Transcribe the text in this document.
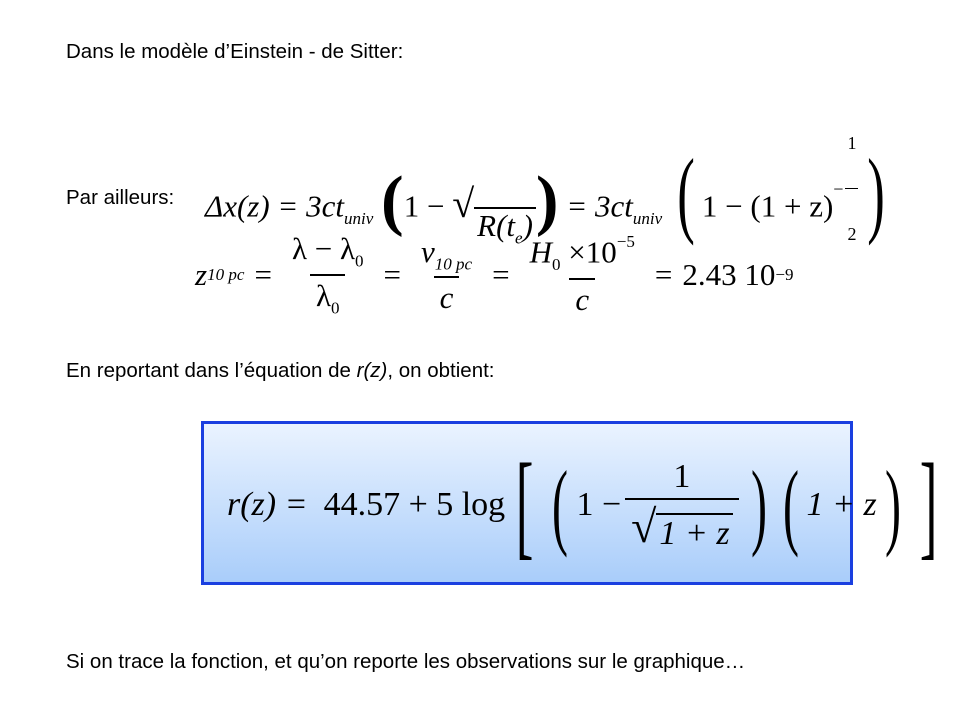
Dans le modèle d’Einstein - de Sitter:
$\Delta x(z) = 3ct_{univ}$ (1 − √
$R(t_e)$ ) = $3ct_{univ}$ ( $1 - (1 + z) - \frac{1}{2}$ )
Par ailleurs:
z 10 pc = $\frac{\lambda - \lambda_0}{\lambda_0} = \frac{v_{10 pc}}{c} = \frac{H_0 \times 10^{-5}}{c} = 2.43$ 10 −9
En reportant dans l’équation de r(z), on obtient:
r(z) = 44.57 + 5 log [ ( $1 - \frac{1}{√ 1 + z}$ ) ( 1 + z ) ]
Si on trace la fonction, et qu’on reporte les observations sur le graphique…
